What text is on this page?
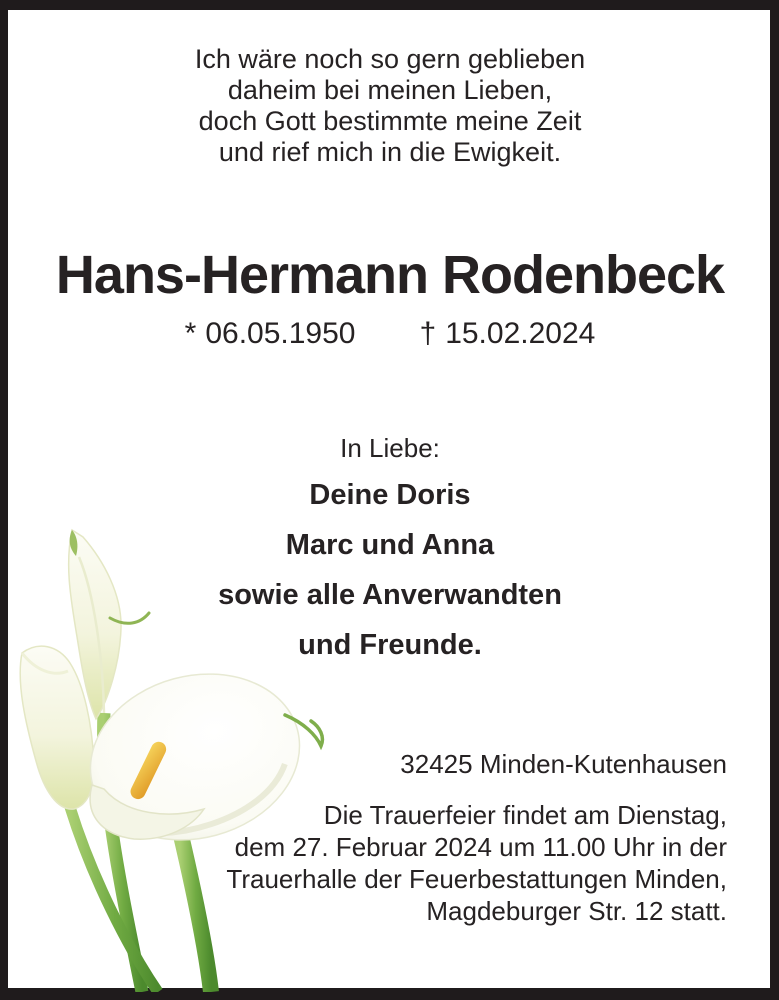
Ich wäre noch so gern geblieben
daheim bei meinen Lieben,
doch Gott bestimmte meine Zeit
und rief mich in die Ewigkeit.
Hans-Hermann Rodenbeck
* 06.05.1950 † 15.02.2024
In Liebe:
Deine Doris
Marc und Anna
sowie alle Anverwandten
und Freunde.
32425 Minden-Kutenhausen
Die Trauerfeier findet am Dienstag,
dem 27. Februar 2024 um 11.00 Uhr in der
Trauerhalle der Feuerbestattungen Minden,
Magdeburger Str. 12 statt.
